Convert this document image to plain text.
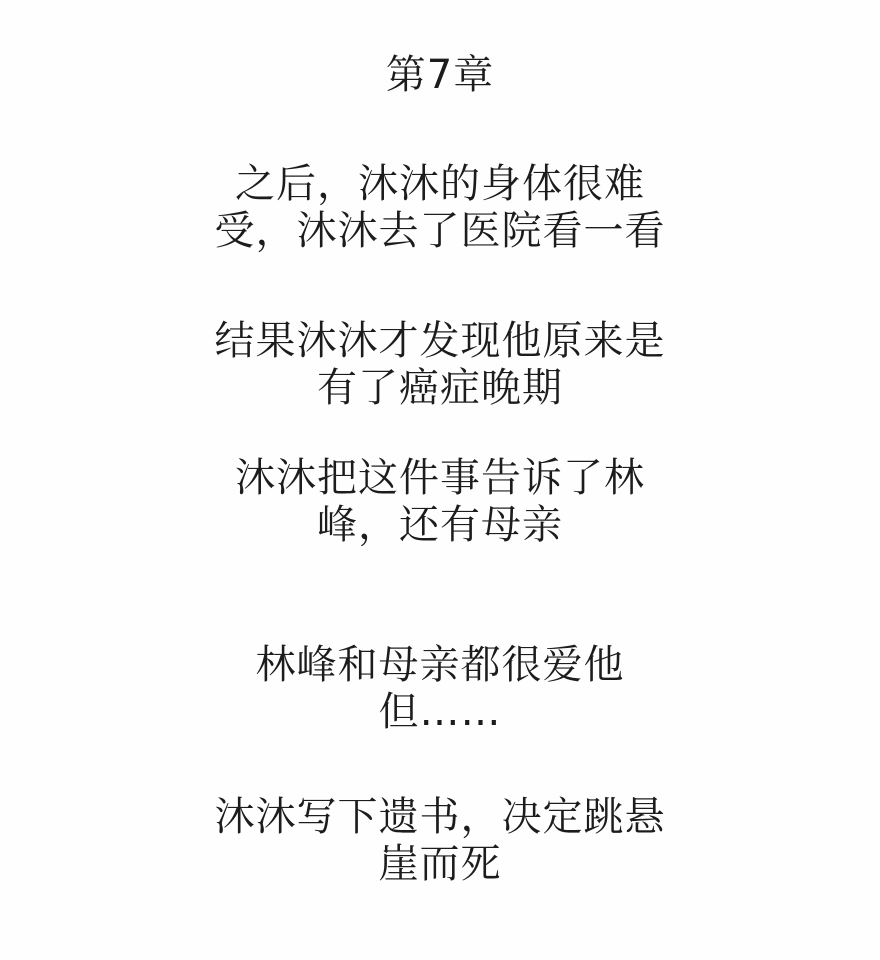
第7章
之后，沐沐的身体很难
受，沐沐去了医院看一看
结果沐沐才发现他原来是
有了癌症晚期
沐沐把这件事告诉了林
峰，还有母亲
林峰和母亲都很爱他
但……
沐沐写下遗书，决定跳悬
崖而死
